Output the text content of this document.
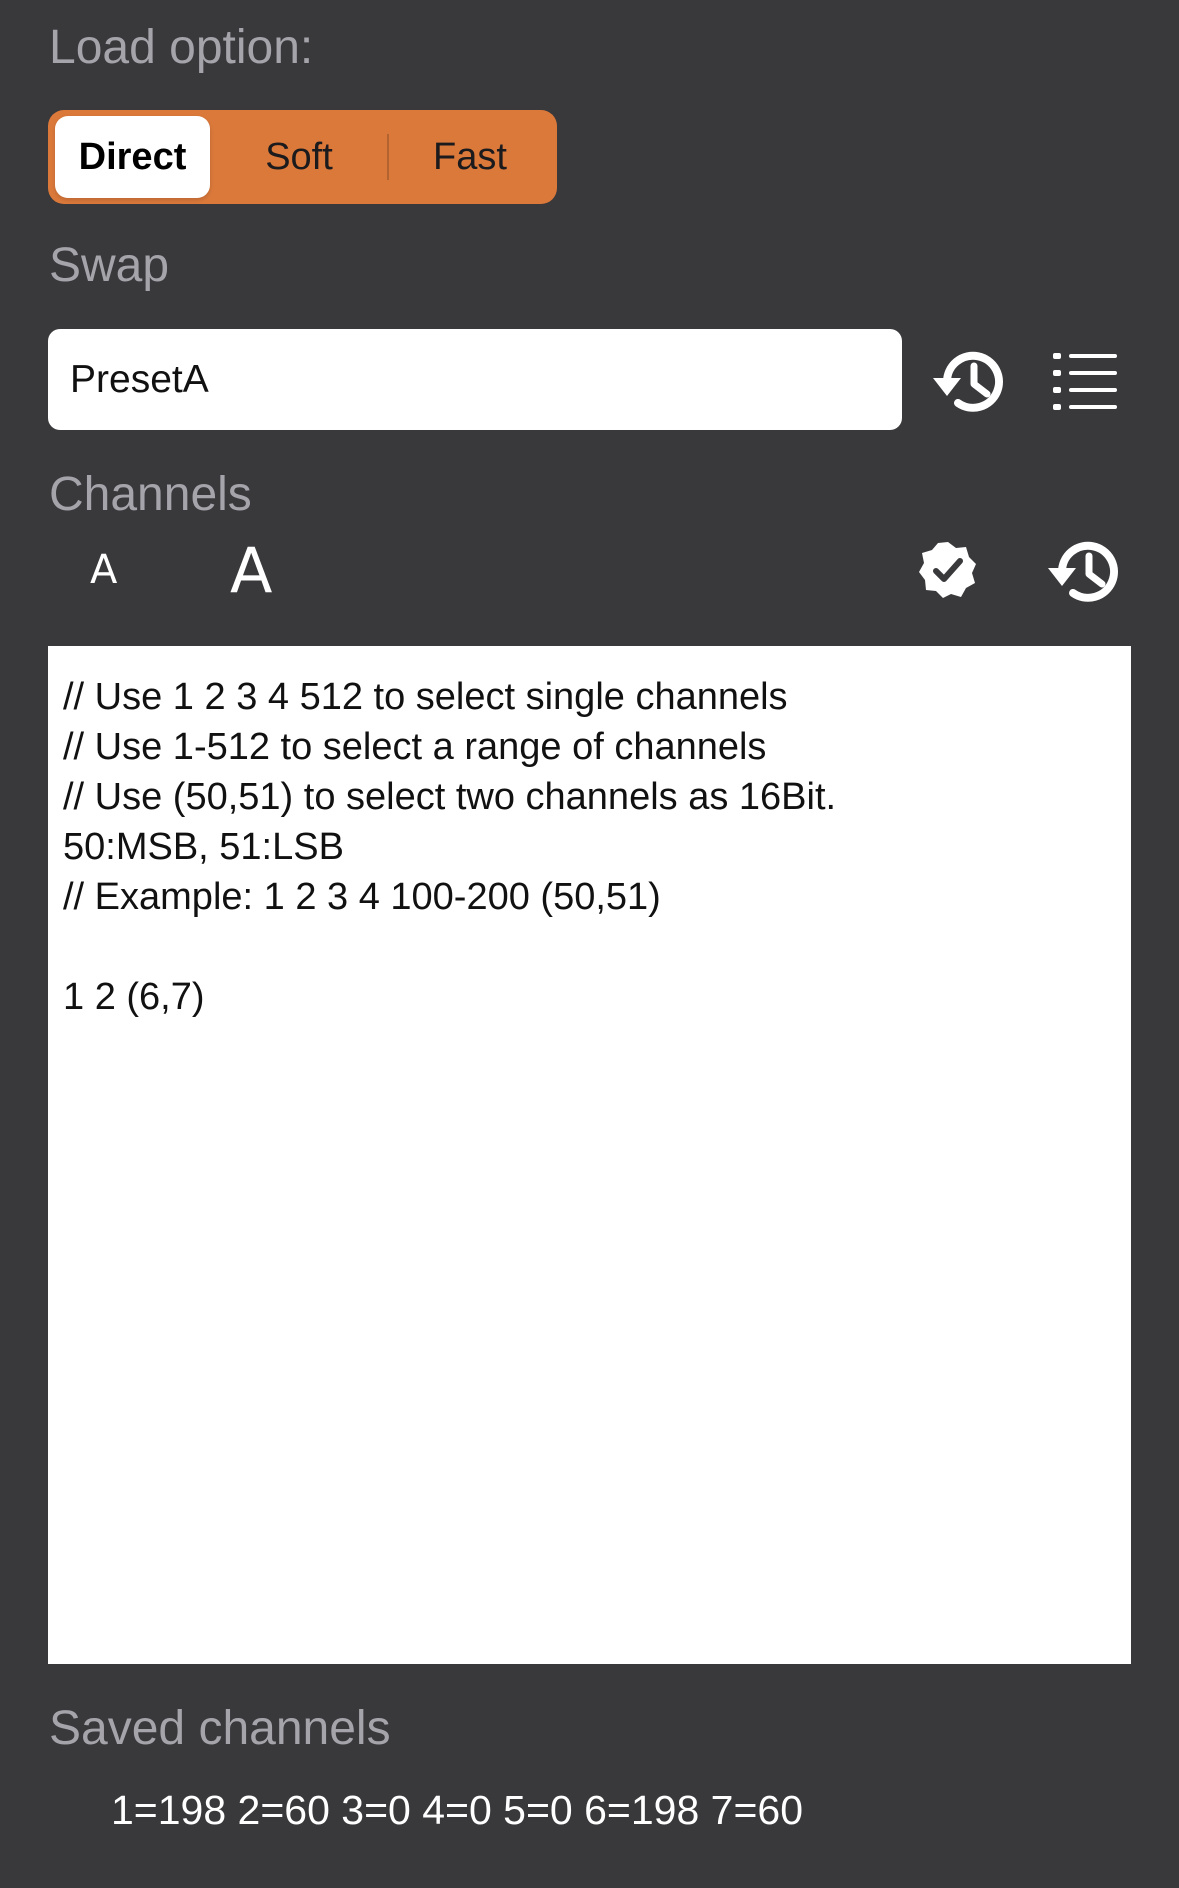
Load option:
Direct	Soft	Fast
Swap
PresetA
Channels
A A
// Use 1 2 3 4 512 to select single channels
// Use 1-512 to select a range of channels
// Use (50,51) to select two channels as 16Bit.
50:MSB, 51:LSB
// Example: 1 2 3 4 100-200 (50,51)
1 2 (6,7)
Saved channels
1=198 2=60 3=0 4=0 5=0 6=198 7=60
